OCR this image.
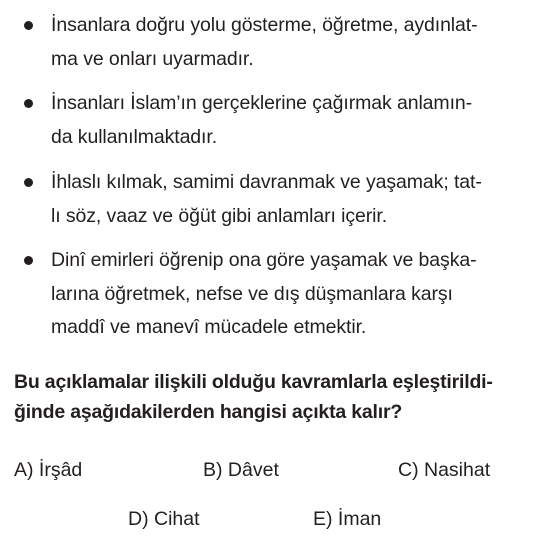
İnsanlara doğru yolu gösterme, öğretme, aydınlat-
ma ve onları uyarmadır.
İnsanları İslam’ın gerçeklerine çağırmak anlamın-
da kullanılmaktadır.
İhlaslı kılmak, samimi davranmak ve yaşamak; tat-
lı söz, vaaz ve öğüt gibi anlamları içerir.
Dinî emirleri öğrenip ona göre yaşamak ve başka-
larına öğretmek, nefse ve dış düşmanlara karşı
maddî ve manevî mücadele etmektir.
Bu açıklamalar ilişkili olduğu kavramlarla eşleştirildi-
ğinde aşağıdakilerden hangisi açıkta kalır?
A) İrşâd	B) Dâvet	C) Nasihat
D) Cihat	E) İman
